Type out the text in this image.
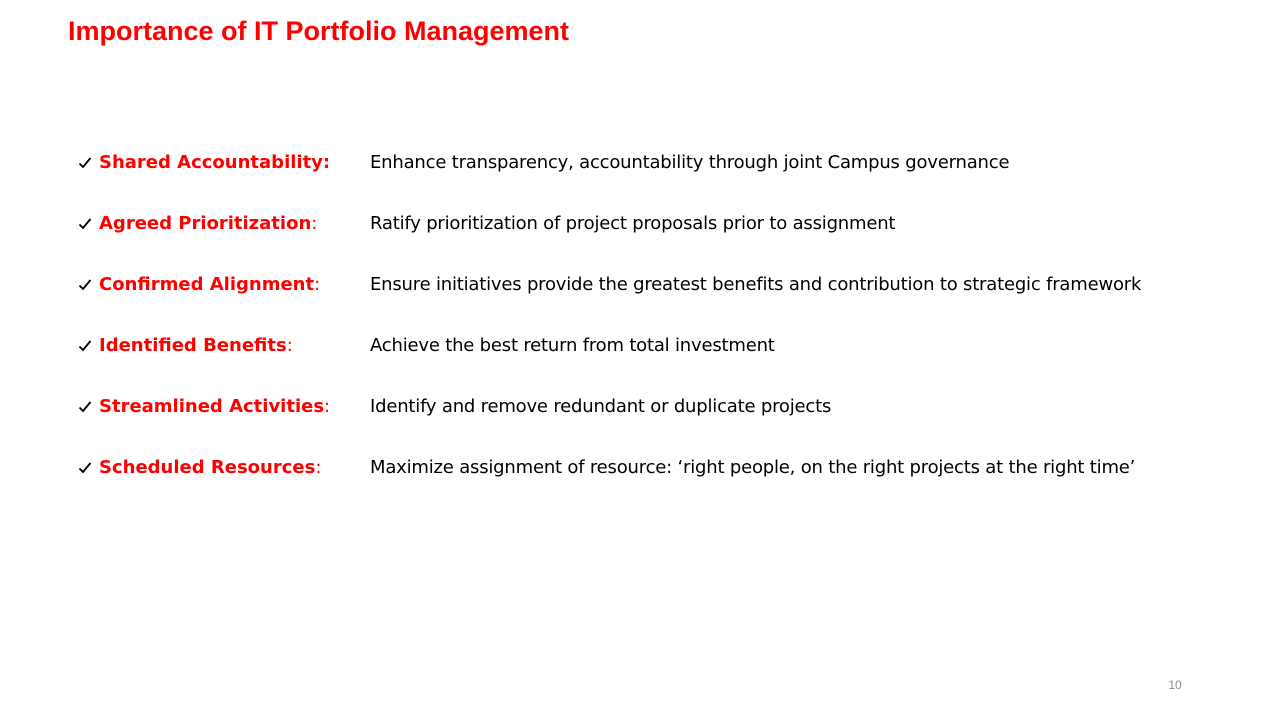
Importance of IT Portfolio Management
Shared Accountability:	Enhance transparency, accountability through joint Campus governance
Agreed Prioritization:	Ratify prioritization of project proposals prior to assignment
Confirmed Alignment:	Ensure initiatives provide the greatest benefits and contribution to strategic framework
Identified Benefits:	Achieve the best return from total investment
Streamlined Activities:	Identify and remove redundant or duplicate projects
Scheduled Resources:	Maximize assignment of resource: ‘right people, on the right projects at the right time’
10
